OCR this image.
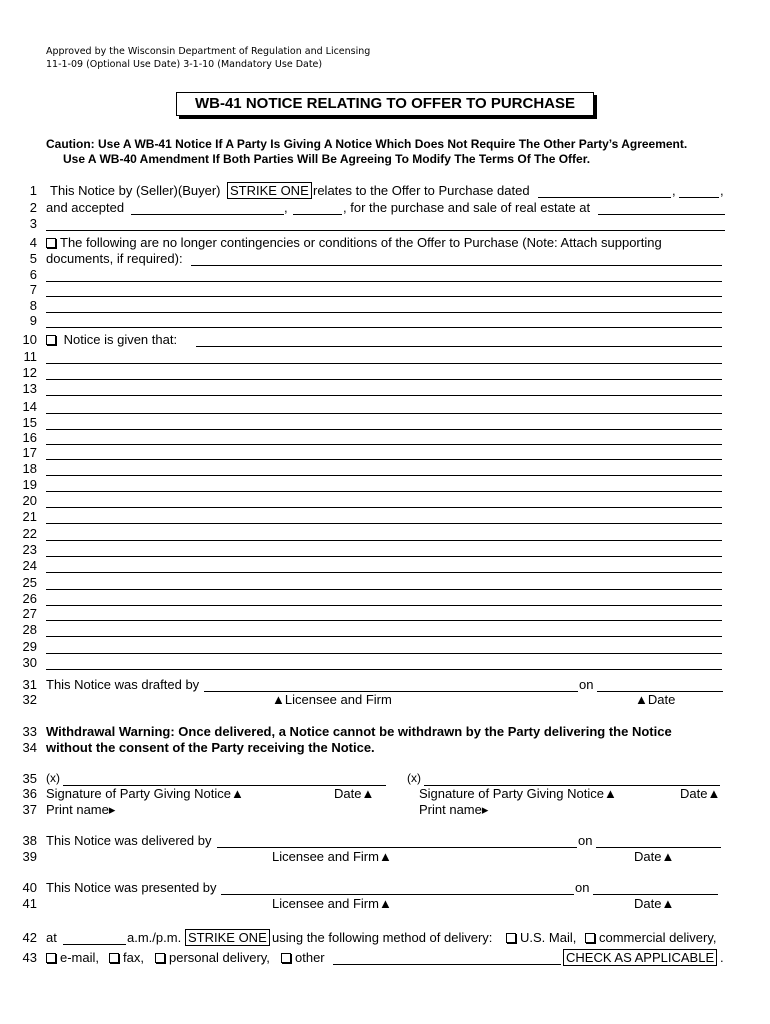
Approved by the Wisconsin Department of Regulation and Licensing
11-1-09 (Optional Use Date) 3-1-10 (Mandatory Use Date)
WB-41 NOTICE RELATING TO OFFER TO PURCHASE
Caution: Use A WB-41 Notice If A Party Is Giving A Notice Which Does Not Require The Other Party’s Agreement.
Use A WB-40 Amendment If Both Parties Will Be Agreeing To Modify The Terms Of The Offer.
1 This Notice by (Seller)(Buyer) STRIKE ONE relates to the Offer to Purchase dated	,	,
2 and accepted	,	, for the purchase and sale of real estate at
3
4	The following are no longer contingencies or conditions of the Offer to Purchase (Note: Attach supporting
5 documents, if required):
6
7
8
9
10	Notice is given that:
11
12
13
14
15
16
17
18
19
20
21
22
23
24
25
26
27
28
29
30
31 This Notice was drafted by	on
32	▲Licensee and Firm	▲Date
33 Withdrawal Warning: Once delivered, a Notice cannot be withdrawn by the Party delivering the Notice
34 without the consent of the Party receiving the Notice.
35 (x)	(x)
36 Signature of Party Giving Notice▲	Date▲	Signature of Party Giving Notice▲	Date▲
37 Print name▸	Print name▸
38 This Notice was delivered by	on
39	Licensee and Firm▲	Date▲
40 This Notice was presented by	on
41	Licensee and Firm▲	Date▲
42 at	a.m./p.m. STRIKE ONE using the following method of delivery:	U.S. Mail,	commercial delivery,
43	e-mail,	fax,	personal delivery,	other	CHECK AS APPLICABLE .
